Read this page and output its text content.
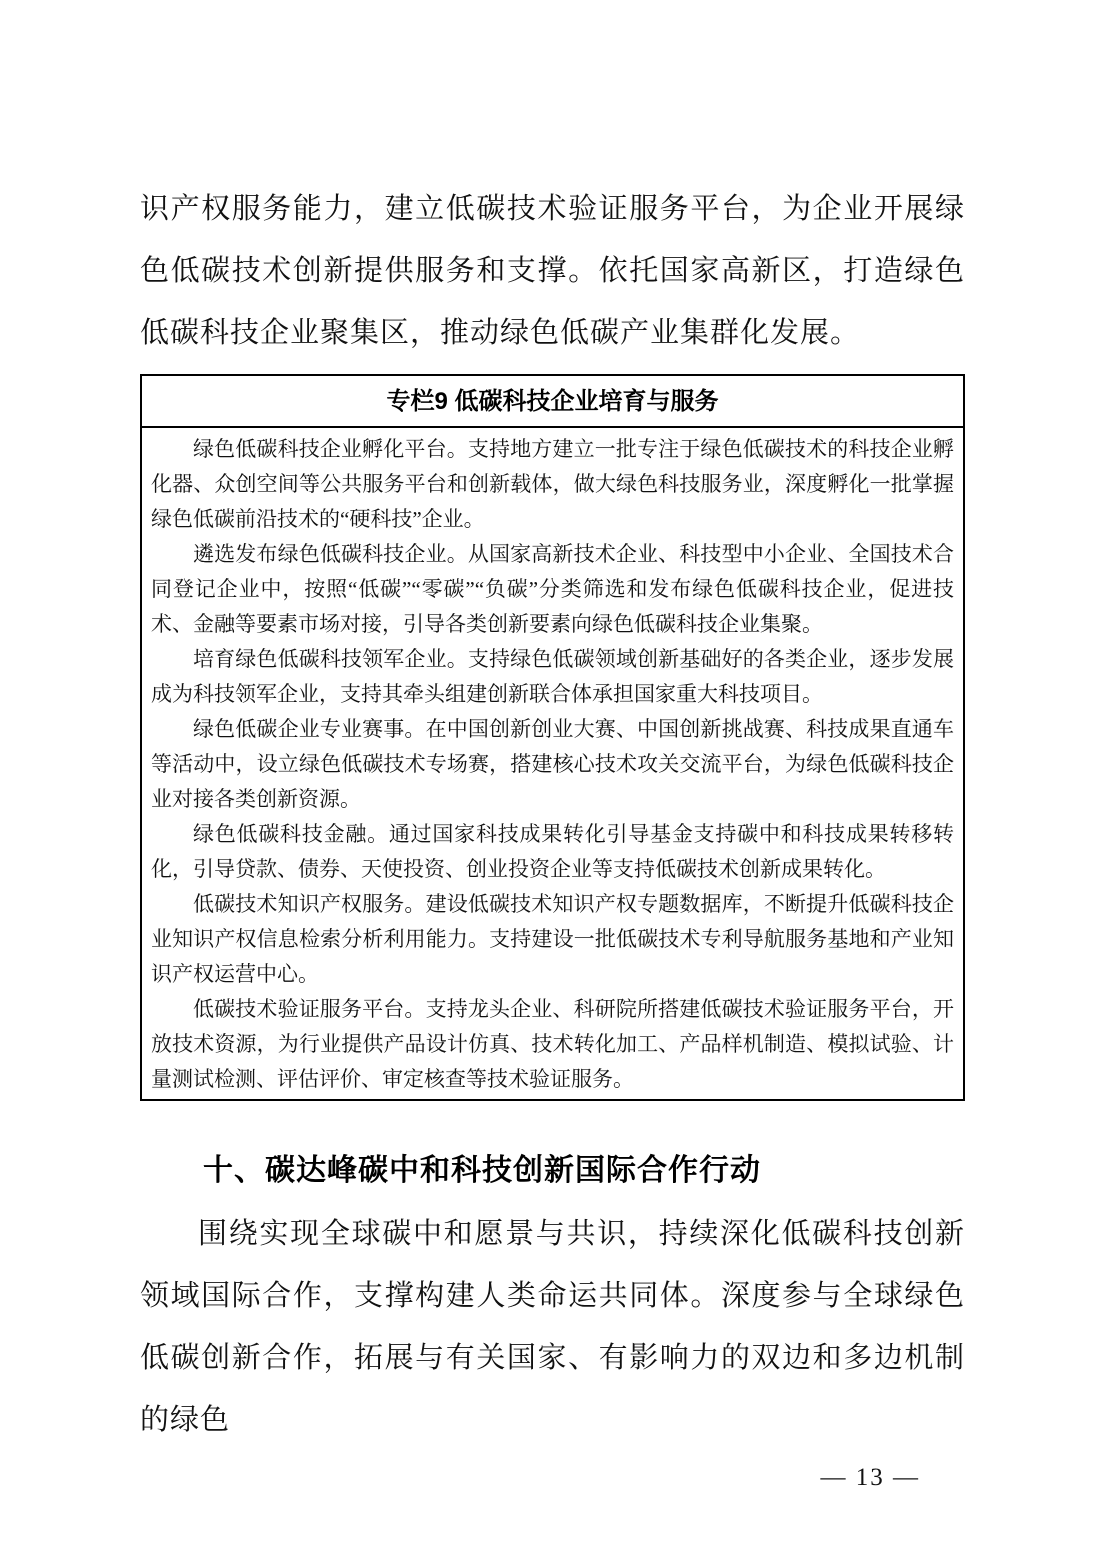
识产权服务能力，建立低碳技术验证服务平台，为企业开展绿色低碳技术创新提供服务和支撑。依托国家高新区，打造绿色低碳科技企业聚集区，推动绿色低碳产业集群化发展。

专栏9 低碳科技企业培育与服务

绿色低碳科技企业孵化平台。支持地方建立一批专注于绿色低碳技术的科技企业孵化器、众创空间等公共服务平台和创新载体，做大绿色科技服务业，深度孵化一批掌握绿色低碳前沿技术的“硬科技”企业。

遴选发布绿色低碳科技企业。从国家高新技术企业、科技型中小企业、全国技术合同登记企业中，按照“低碳”“零碳”“负碳”分类筛选和发布绿色低碳科技企业，促进技术、金融等要素市场对接，引导各类创新要素向绿色低碳科技企业集聚。

培育绿色低碳科技领军企业。支持绿色低碳领域创新基础好的各类企业，逐步发展成为科技领军企业，支持其牵头组建创新联合体承担国家重大科技项目。

绿色低碳企业专业赛事。在中国创新创业大赛、中国创新挑战赛、科技成果直通车等活动中，设立绿色低碳技术专场赛，搭建核心技术攻关交流平台，为绿色低碳科技企业对接各类创新资源。

绿色低碳科技金融。通过国家科技成果转化引导基金支持碳中和科技成果转移转化，引导贷款、债券、天使投资、创业投资企业等支持低碳技术创新成果转化。

低碳技术知识产权服务。建设低碳技术知识产权专题数据库，不断提升低碳科技企业知识产权信息检索分析利用能力。支持建设一批低碳技术专利导航服务基地和产业知识产权运营中心。

低碳技术验证服务平台。支持龙头企业、科研院所搭建低碳技术验证服务平台，开放技术资源，为行业提供产品设计仿真、技术转化加工、产品样机制造、模拟试验、计量测试检测、评估评价、审定核查等技术验证服务。

十、碳达峰碳中和科技创新国际合作行动

围绕实现全球碳中和愿景与共识，持续深化低碳科技创新领域国际合作，支撑构建人类命运共同体。深度参与全球绿色低碳创新合作，拓展与有关国家、有影响力的双边和多边机制的绿色

— 13 —
